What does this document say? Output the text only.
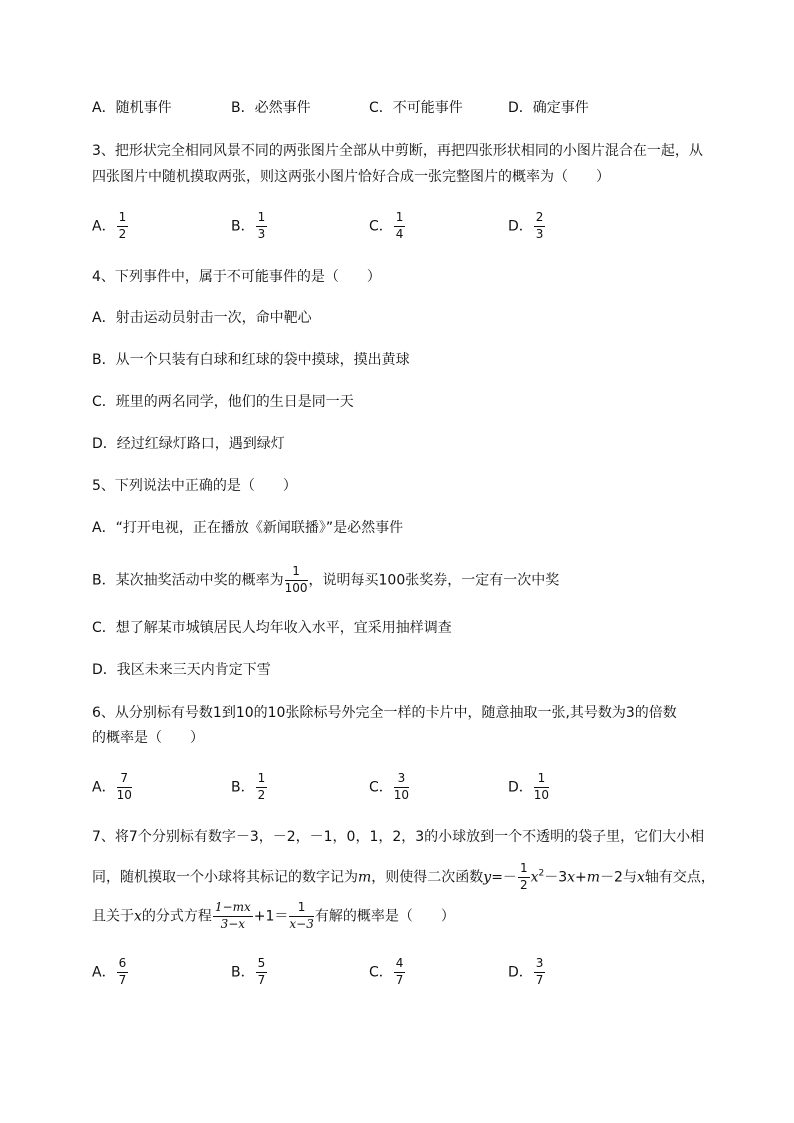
A．随机事件	B．必然事件	C．不可能事件	D．确定事件
3、把形状完全相同风景不同的两张图片全部从中剪断，再把四张形状相同的小图片混合在一起，从
四张图片中随机摸取两张，则这两张小图片恰好合成一张完整图片的概率为（　　）
A． $\frac{1}{2}$	B． $\frac{1}{3}$	C． $\frac{1}{4}$	D． $\frac{2}{3}$
4、下列事件中，属于不可能事件的是（　　）
A．射击运动员射击一次，命中靶心
B．从一个只装有白球和红球的袋中摸球，摸出黄球
C．班里的两名同学，他们的生日是同一天
D．经过红绿灯路口，遇到绿灯
5、下列说法中正确的是（　　）
A．“打开电视，正在播放《新闻联播》”是必然事件
B．某次抽奖活动中奖的概率为 $\frac{1}{100}$ ，说明每买100张奖券，一定有一次中奖
C．想了解某市城镇居民人均年收入水平，宜采用抽样调查
D．我区未来三天内肯定下雪
6、从分别标有号数1到10的10张除标号外完全一样的卡片中，随意抽取一张,其号数为3的倍数
的概率是（　　）
A． $\frac{7}{10}$	B． $\frac{1}{2}$	C． $\frac{3}{10}$	D． $\frac{1}{10}$
7、将7个分别标有数字－3，－2，－1，0，1，2，3的小球放到一个不透明的袋子里，它们大小相
同，随机摸取一个小球将其标记的数字记为m，则使得二次函数$y=- \frac{1}{2} x^2-3x+m-2$与x轴有交点，
且关于x的分式方程 $\frac{1-mx}{3-x} +1= \frac{1}{x-3}$ 有解的概率是（　　）
A． $\frac{6}{7}$	B． $\frac{5}{7}$	C． $\frac{4}{7}$	D． $\frac{3}{7}$
